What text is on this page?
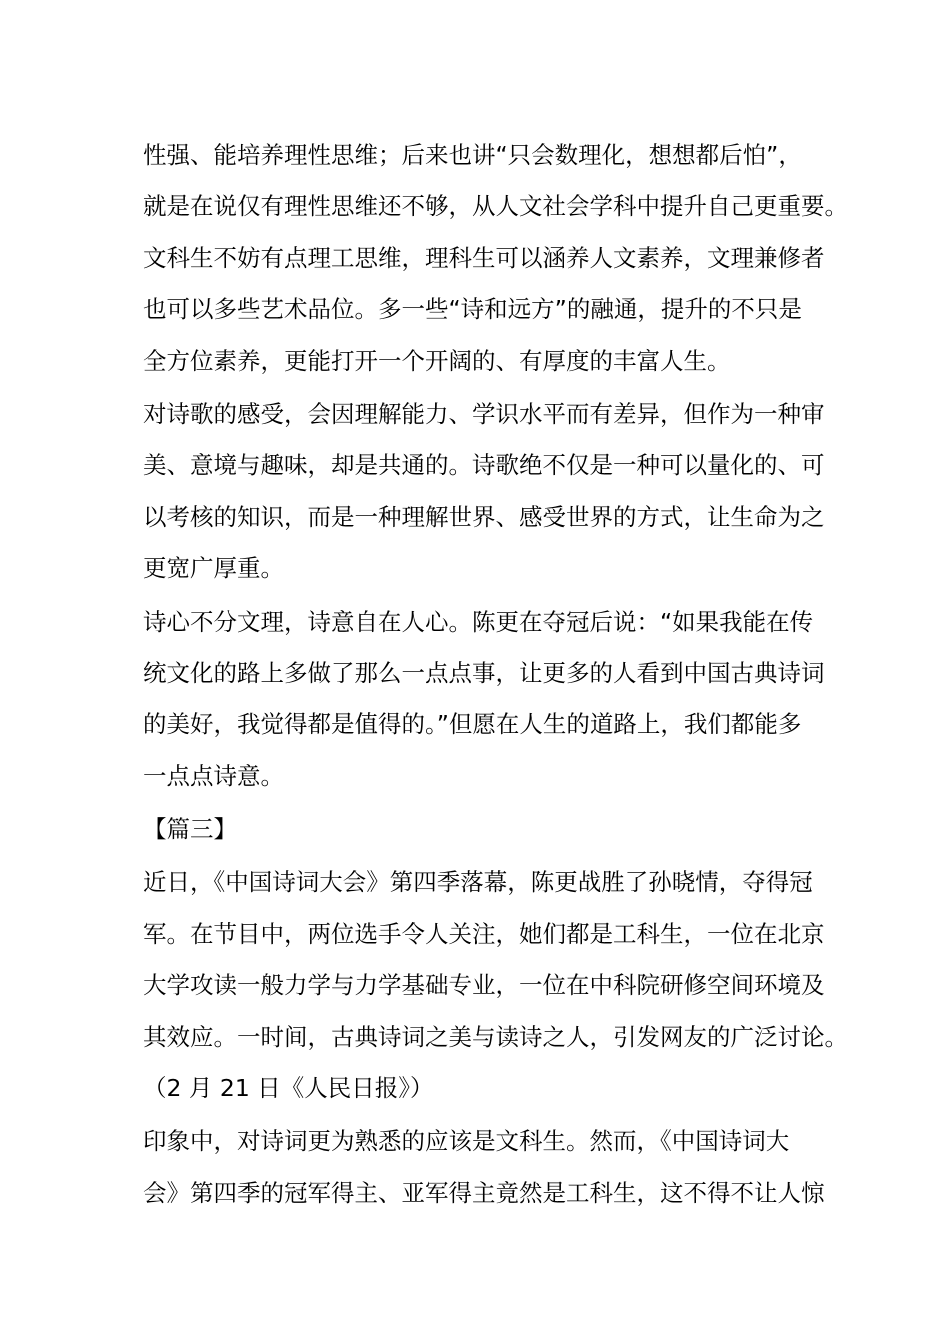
性强、能培养理性思维；后来也讲“只会数理化，想想都后怕”，
就是在说仅有理性思维还不够，从人文社会学科中提升自己更重要。
文科生不妨有点理工思维，理科生可以涵养人文素养，文理兼修者
也可以多些艺术品位。多一些“诗和远方”的融通，提升的不只是
全方位素养，更能打开一个开阔的、有厚度的丰富人生。
对诗歌的感受，会因理解能力、学识水平而有差异，但作为一种审
美、意境与趣味，却是共通的。诗歌绝不仅是一种可以量化的、可
以考核的知识，而是一种理解世界、感受世界的方式，让生命为之
更宽广厚重。
诗心不分文理，诗意自在人心。陈更在夺冠后说：“如果我能在传
统文化的路上多做了那么一点点事，让更多的人看到中国古典诗词
的美好，我觉得都是值得的。”但愿在人生的道路上，我们都能多
一点点诗意。
【篇三】
近日，《中国诗词大会》第四季落幕，陈更战胜了孙晓情，夺得冠
军。在节目中，两位选手令人关注，她们都是工科生，一位在北京
大学攻读一般力学与力学基础专业，一位在中科院研修空间环境及
其效应。一时间，古典诗词之美与读诗之人，引发网友的广泛讨论。
（2 月 21 日《人民日报》）
印象中，对诗词更为熟悉的应该是文科生。然而，《中国诗词大
会》第四季的冠军得主、亚军得主竟然是工科生，这不得不让人惊
